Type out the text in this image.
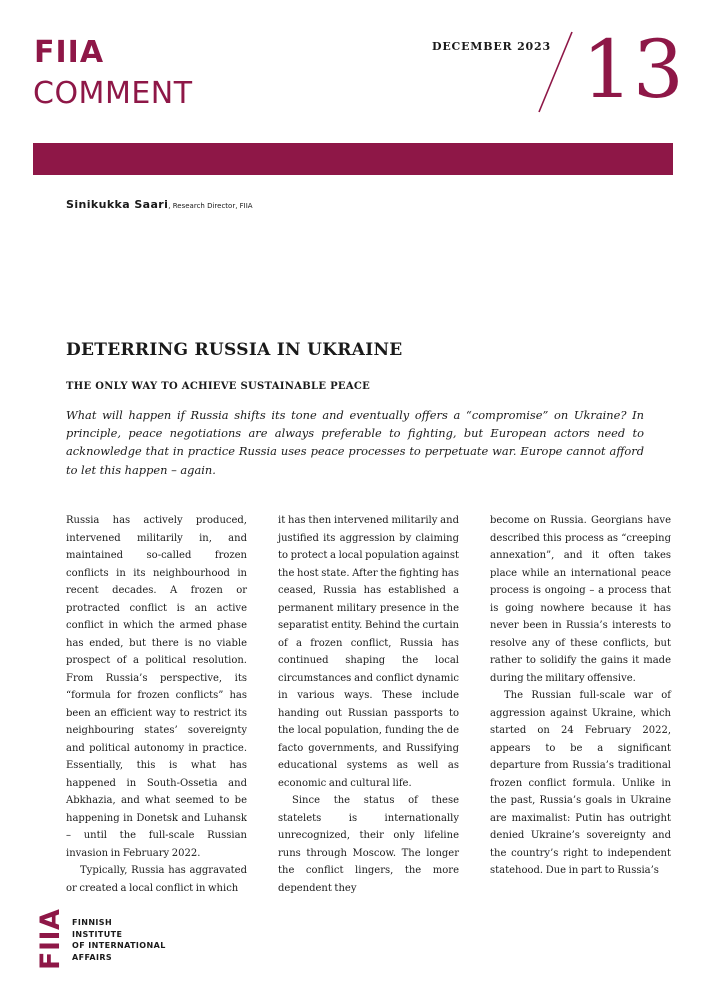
FIIA
COMMENT
DECEMBER 2023 13
Sinikukka Saari, Research Director, FIIA
DETERRING RUSSIA IN UKRAINE
THE ONLY WAY TO ACHIEVE SUSTAINABLE PEACE
What will happen if Russia shifts its tone and eventually offers a “compromise” on Ukraine? In principle, peace negotiations are always preferable to fighting, but European actors need to acknowledge that in practice Russia uses peace processes to perpetuate war. Europe cannot afford to let this happen – again.

Russia has actively produced, intervened militarily in, and maintained so-called frozen conflicts in its neighbourhood in recent decades. A frozen or protracted conflict is an active conflict in which the armed phase has ended, but there is no viable prospect of a political resolution. From Russia’s perspective, its “formula for frozen conflicts” has been an efficient way to restrict its neighbouring states’ sovereignty and political autonomy in practice. Essentially, this is what has happened in South-Ossetia and Abkhazia, and what seemed to be happening in Donetsk and Luhansk – until the full-scale Russian invasion in February 2022.

Typically, Russia has aggravated or created a local conflict in which

it has then intervened militarily and justified its aggression by claiming to protect a local population against the host state. After the fighting has ceased, Russia has established a permanent military presence in the separatist entity. Behind the curtain of a frozen conflict, Russia has continued shaping the local circumstances and conflict dynamic in various ways. These include handing out Russian passports to the local population, funding the de facto governments, and Russifying educational systems as well as economic and cultural life.

Since the status of these statelets is internationally unrecognized, their only lifeline runs through Moscow. The longer the conflict lingers, the more dependent they

become on Russia. Georgians have described this process as “creeping annexation”, and it often takes place while an international peace process is ongoing – a process that is going nowhere because it has never been in Russia’s interests to resolve any of these conflicts, but rather to solidify the gains it made during the military offensive.

The Russian full-scale war of aggression against Ukraine, which started on 24 February 2022, appears to be a significant departure from Russia’s traditional frozen conflict formula. Unlike in the past, Russia’s goals in Ukraine are maximalist: Putin has outright denied Ukraine’s sovereignty and the country’s right to independent statehood. Due in part to Russia’s

FIIA FINNISH
INSTITUTE
OF INTERNATIONAL
AFFAIRS
